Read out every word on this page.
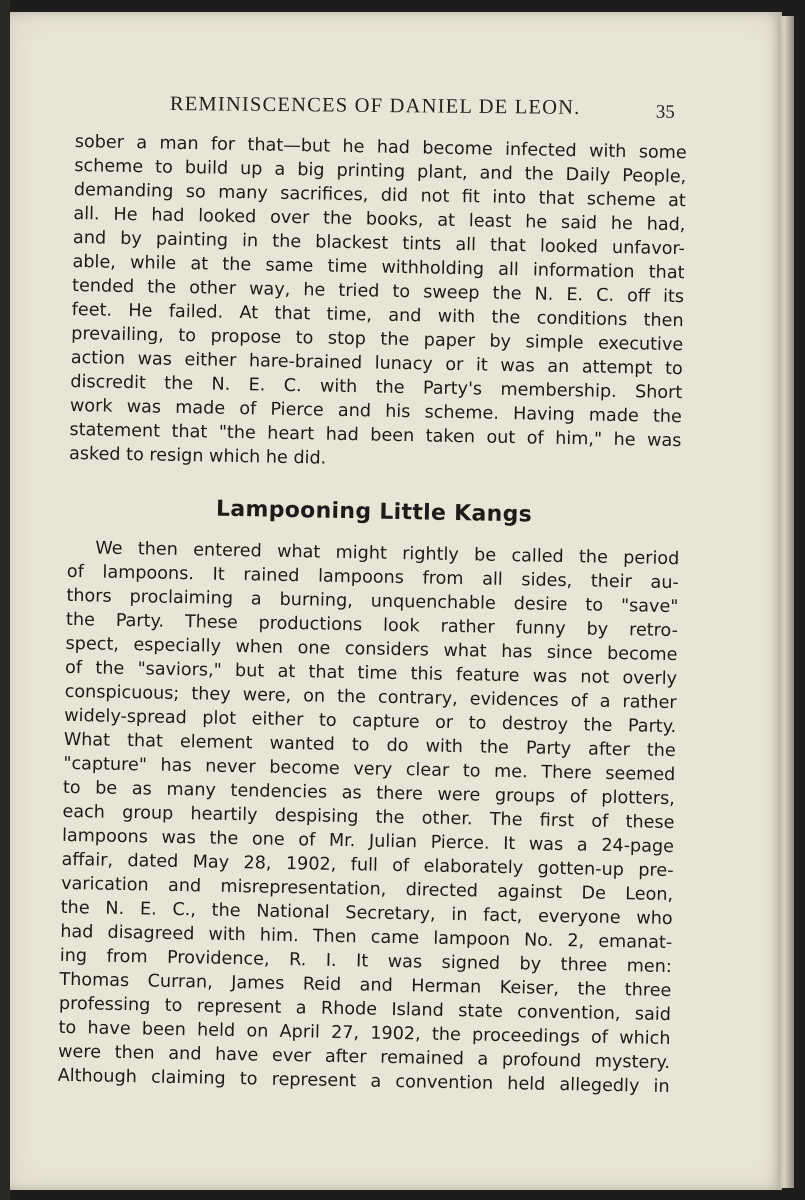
REMINISCENCES OF DANIEL DE LEON.	35
sober a man for that—but he had become infected with some
scheme to build up a big printing plant, and the Daily People,
demanding so many sacrifices, did not fit into that scheme at
all. He had looked over the books, at least he said he had,
and by painting in the blackest tints all that looked unfavor-
able, while at the same time withholding all information that
tended the other way, he tried to sweep the N. E. C. off its
feet. He failed. At that time, and with the conditions then
prevailing, to propose to stop the paper by simple executive
action was either hare-brained lunacy or it was an attempt to
discredit the N. E. C. with the Party's membership. Short
work was made of Pierce and his scheme. Having made the
statement that "the heart had been taken out of him," he was
asked to resign which he did.
Lampooning Little Kangs
We then entered what might rightly be called the period
of lampoons. It rained lampoons from all sides, their au-
thors proclaiming a burning, unquenchable desire to "save"
the Party. These productions look rather funny by retro-
spect, especially when one considers what has since become
of the "saviors," but at that time this feature was not overly
conspicuous; they were, on the contrary, evidences of a rather
widely-spread plot either to capture or to destroy the Party.
What that element wanted to do with the Party after the
"capture" has never become very clear to me. There seemed
to be as many tendencies as there were groups of plotters,
each group heartily despising the other. The first of these
lampoons was the one of Mr. Julian Pierce. It was a 24-page
affair, dated May 28, 1902, full of elaborately gotten-up pre-
varication and misrepresentation, directed against De Leon,
the N. E. C., the National Secretary, in fact, everyone who
had disagreed with him. Then came lampoon No. 2, emanat-
ing from Providence, R. I. It was signed by three men:
Thomas Curran, James Reid and Herman Keiser, the three
professing to represent a Rhode Island state convention, said
to have been held on April 27, 1902, the proceedings of which
were then and have ever after remained a profound mystery.
Although claiming to represent a convention held allegedly in
